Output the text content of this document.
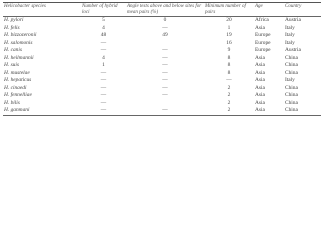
Helicobacter species	Number of hybrid loci	Angle tests above and below sites for mean pairs (%)	Minimum number of pairs	Age	Country
H. pylori	5	0	20	Africa	Austria
H. felis	4	—	1	Asia	Italy
H. bizzozeronii	48	49	19	Europe	Italy
H. salomonis	—		16	Europe	Italy
H. canis	—	—	9	Europe	Austria
H. heilmannii	4	—	8	Asia	China
H. suis	1	—	8	Asia	China
H. mustelae	—	—	8	Asia	China
H. hepaticus	—	—	—	Asia	Italy
H. cinaedi	—	—	2	Asia	China
H. fennelliae	—	—	2	Asia	China
H. bilis	—		2	Asia	China
H. ganmani	—	—	2	Asia	China
